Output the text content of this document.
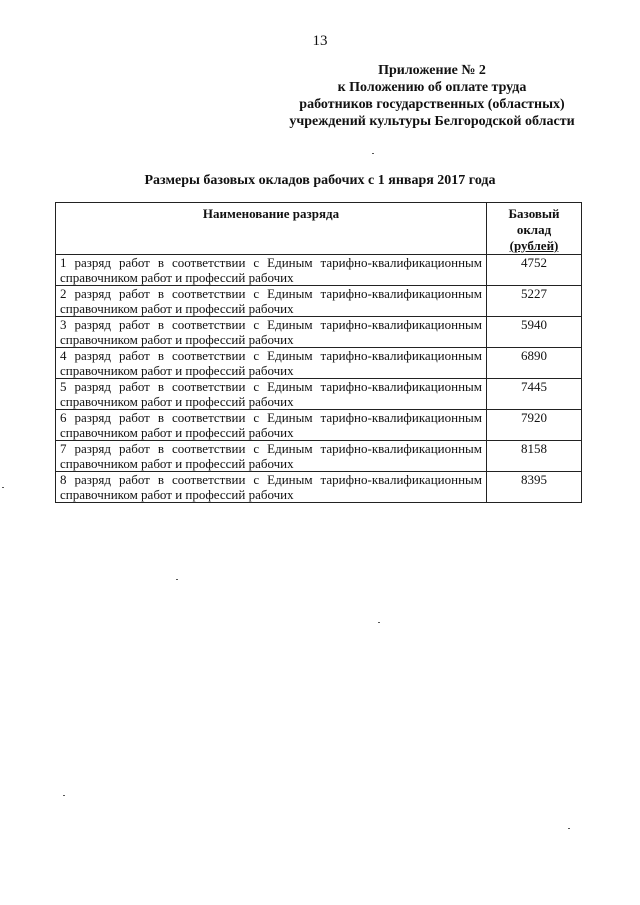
13
Приложение № 2
к Положению об оплате труда
работников государственных (областных)
учреждений культуры Белгородской области
Размеры базовых окладов рабочих с 1 января 2017 года
Наименование разряда	Базовый
оклад
(рублей)

1 разряд работ в соответствии с Единым тарифно-квалификационным справочником работ и профессий рабочих	4752
2 разряд работ в соответствии с Единым тарифно-квалификационным справочником работ и профессий рабочих	5227
3 разряд работ в соответствии с Единым тарифно-квалификационным справочником работ и профессий рабочих	5940
4 разряд работ в соответствии с Единым тарифно-квалификационным справочником работ и профессий рабочих	6890
5 разряд работ в соответствии с Единым тарифно-квалификационным справочником работ и профессий рабочих	7445
6 разряд работ в соответствии с Единым тарифно-квалификационным справочником работ и профессий рабочих	7920
7 разряд работ в соответствии с Единым тарифно-квалификационным справочником работ и профессий рабочих	8158
8 разряд работ в соответствии с Единым тарифно-квалификационным справочником работ и профессий рабочих	8395
